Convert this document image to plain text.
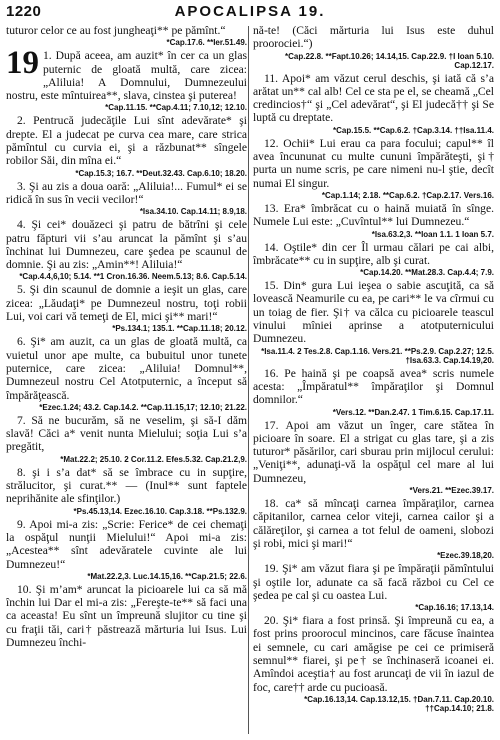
1220	APOCALIPSA 19.

tuturor celor ce au fost jungheaţi** pe pămînt.“

*Cap.17.6. **Ier.51.49.

19 1. După aceea, am auzit* în cer ca un glas puternic de gloată multă, care zicea: „Aliluia! A Domnului, Dumnezeului nostru, este mîntuirea**, slava, cinstea şi puterea!

*Cap.11.15. **Cap.4.11; 7.10,12; 12.10.

2. Pentrucă judecăţile Lui sînt adevărate* şi drepte. El a judecat pe curva cea mare, care strica pămîntul cu curvia ei, şi a răzbunat** sîngele robilor Săi, din mîna ei.“

*Cap.15.3; 16.7. **Deut.32.43. Cap.6.10; 18.20.

3. Şi au zis a doua oară: „Aliluia!... Fumul* ei se ridică în sus în vecii vecilor!“

*Isa.34.10. Cap.14.11; 8.9,18.

4. Şi cei* douăzeci şi patru de bătrîni şi cele patru făpturi vii s’au aruncat la pămînt şi s’au închinat lui Dumnezeu, care şedea pe scaunul de domnie. Şi au zis: „Amin**! Aliluia!“

*Cap.4.4,6,10; 5.14. **1 Cron.16.36. Neem.5.13; 8.6. Cap.5.14.

5. Şi din scaunul de domnie a ieşit un glas, care zicea: „Lăudaţi* pe Dumnezeul nostru, toţi robii Lui, voi cari vă temeţi de El, mici şi** mari!“

*Ps.134.1; 135.1. **Cap.11.18; 20.12.

6. Şi* am auzit, ca un glas de gloată multă, ca vuietul unor ape multe, ca bubuitul unor tunete puternice, care zicea: „Aliluia! Domnul**, Dumnezeul nostru Cel Atotputernic, a început să împărăţească.

*Ezec.1.24; 43.2. Cap.14.2. **Cap.11.15,17; 12.10; 21.22.

7. Să ne bucurăm, să ne veselim, şi să-I dăm slavă! Căci a* venit nunta Mielului; soţia Lui s’a pregătit,

*Mat.22.2; 25.10. 2 Cor.11.2. Efes.5.32. Cap.21.2,9.

8. şi i s’a dat* să se îmbrace cu in supţire, strălucitor, şi curat.** — (Inul** sunt faptele neprihănite ale sfinţilor.)

*Ps.45.13,14. Ezec.16.10. Cap.3.18. **Ps.132.9.

9. Apoi mi-a zis: „Scrie: Ferice* de cei chemaţi la ospăţul nunţii Mielului!“ Apoi mi-a zis: „Acestea** sînt adevăratele cuvinte ale lui Dumnezeu!“

*Mat.22.2,3. Luc.14.15,16. **Cap.21.5; 22.6.

10. Şi m’am* aruncat la picioarele lui ca să mă închin lui Dar el mi-a zis: „Fereşte-te** să faci una ca aceasta! Eu sînt un împreună slujitor cu tine şi cu fraţii tăi, cari† păstrează mărturia lui Isus. Lui Dumnezeu închi-

nă-te! (Căci mărturia lui Isus este duhul proorociei.“)

*Cap.22.8. **Fapt.10.26; 14.14,15. Cap.22.9. †I Ioan 5.10. Cap.12.17.

11. Apoi* am văzut cerul deschis, şi iată că s’a arătat un** cal alb! Cel ce sta pe el, se cheamă „Cel credincios†“ şi „Cel adevărat“, şi El judecă†† şi Se luptă cu dreptate.

*Cap.15.5. **Cap.6.2. †Cap.3.14. ††Isa.11.4.

12. Ochii* Lui erau ca para focului; capul** îl avea încununat cu multe cununi împărăteşti, şi† purta un nume scris, pe care nimeni nu-l ştie, decît numai El singur.

*Cap.1.14; 2.18. **Cap.6.2. †Cap.2.17. Vers.16.

13. Era* îmbrăcat cu o haină muiată în sînge. Numele Lui este: „Cuvîntul** lui Dumnezeu.“

*Isa.63.2,3. **Ioan 1.1. 1 Ioan 5.7.

14. Oştile* din cer Îl urmau călari pe cai albi, îmbrăcate** cu in supţire, alb şi curat.

*Cap.14.20. **Mat.28.3. Cap.4.4; 7.9.

15. Din* gura Lui ieşea o sabie ascuţită, ca să lovească Neamurile cu ea, pe cari** le va cîrmui cu un toiag de fier. Şi† va călca cu picioarele teascul vinului mîniei aprinse a atotputernicului Dumnezeu.

*Isa.11.4. 2 Tes.2.8. Cap.1.16. Vers.21. **Ps.2.9. Cap.2.27; 12.5. †Isa.63.3. Cap.14.19,20.

16. Pe haină şi pe coapsă avea* scris numele acesta: „Împăratul** împăraţilor şi Domnul domnilor.“

*Vers.12. **Dan.2.47. 1 Tim.6.15. Cap.17.11.

17. Apoi am văzut un înger, care stătea în picioare în soare. El a strigat cu glas tare, şi a zis tuturor* păsărilor, cari sburau prin mijlocul cerului: „Veniţi**, adunaţi-vă la ospăţul cel mare al lui Dumnezeu,

*Vers.21. **Ezec.39.17.

18. ca* să mîncaţi carnea împăraţilor, carnea căpitanilor, carnea celor viteji, carnea cailor şi a călăreţilor, şi carnea a tot felul de oameni, slobozi şi robi, mici şi mari!“

*Ezec.39.18,20.

19. Şi* am văzut fiara şi pe împăraţii pămîntului şi oştile lor, adunate ca să facă război cu Cel ce şedea pe cal şi cu oastea Lui.

*Cap.16.16; 17.13,14.

20. Şi* fiara a fost prinsă. Şi împreună cu ea, a fost prins proorocul mincinos, care făcuse înaintea ei semnele, cu cari amăgise pe cei ce primiseră semnul** fiarei, şi pe† se închinaseră icoanei ei. Amîndoi aceştia† au fost aruncaţi de vii în iazul de foc, care†† arde cu pucioasă.

*Cap.16.13,14. Cap.13.12,15. †Dan.7.11. Cap.20.10. ††Cap.14.10; 21.8.
